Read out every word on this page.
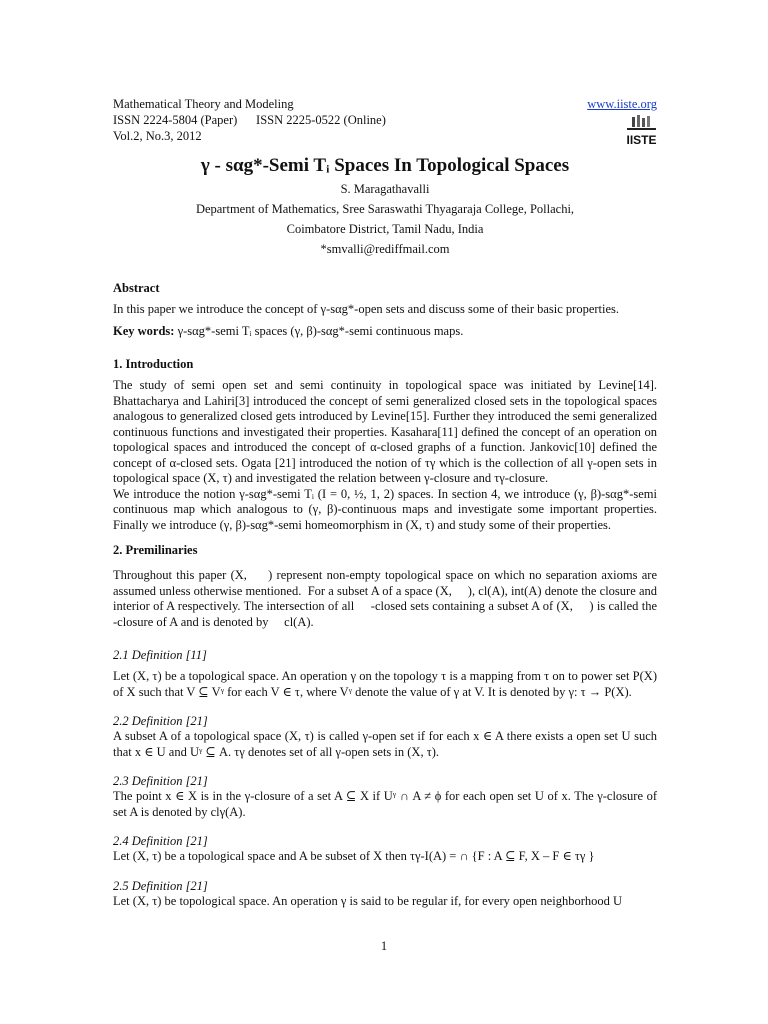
Mathematical Theory and Modeling
ISSN 2224-5804 (Paper)      ISSN 2225-0522 (Online)
Vol.2, No.3, 2012
www.iiste.org
IISTE
γ - sαg*-Semi Tᵢ Spaces In Topological Spaces
S. Maragathavalli
Department of Mathematics, Sree Saraswathi Thyagaraja College, Pollachi,
Coimbatore District, Tamil Nadu, India
*smvalli@rediffmail.com
Abstract
In this paper we introduce the concept of γ-sαg*-open sets and discuss some of their basic properties.
Key words: γ-sαg*-semi Tᵢ spaces (γ, β)-sαg*-semi continuous maps.
1. Introduction
The study of semi open set and semi continuity in topological space was initiated by Levine[14]. Bhattacharya and Lahiri[3] introduced the concept of semi generalized closed sets in the topological spaces analogous to generalized closed gets introduced by Levine[15]. Further they introduced the semi generalized continuous functions and investigated their properties. Kasahara[11] defined the concept of an operation on topological spaces and introduced the concept of α-closed graphs of a function. Jankovic[10] defined the concept of α-closed sets. Ogata [21] introduced the notion of τγ which is the collection of all γ-open sets in topological space (X, τ) and investigated the relation between γ-closure and τγ-closure.
We introduce the notion γ-sαg*-semi Tᵢ (I = 0, ½, 1, 2) spaces. In section 4, we introduce (γ, β)-sαg*-semi continuous map which analogous to (γ, β)-continuous maps and investigate some important properties. Finally we introduce (γ, β)-sαg*-semi homeomorphism in (X, τ) and study some of their properties.
2. Premilinaries
Throughout this paper (X,     ) represent non-empty topological space on which no separation axioms are assumed unless otherwise mentioned.  For a subset A of a space (X,     ), cl(A), int(A) denote the closure and interior of A respectively. The intersection of all     -closed sets containing a subset A of (X,     ) is called the     -closure of A and is denoted by     cl(A).
2.1 Definition [11]
Let (X, τ) be a topological space. An operation γ on the topology τ is a mapping from τ on to power set P(X) of X such that V ⊆ Vᵞ for each V ∈ τ, where Vᵞ denote the value of γ at V. It is denoted by γ: τ → P(X).
2.2 Definition [21]
A subset A of a topological space (X, τ) is called γ-open set if for each x ∈ A there exists a open set U such that x ∈ U and Uᵞ ⊆ A. τγ denotes set of all γ-open sets in (X, τ).
2.3 Definition [21]
The point x ∈ X is in the γ-closure of a set A ⊆ X if Uᵞ ∩ A ≠ ϕ for each open set U of x. The γ-closure of set A is denoted by clγ(A).
2.4 Definition [21]
Let (X, τ) be a topological space and A be subset of X then τγ-I(A) = ∩ {F : A ⊆ F, X – F ∈ τγ }
2.5 Definition [21]
Let (X, τ) be topological space. An operation γ is said to be regular if, for every open neighborhood U
1
